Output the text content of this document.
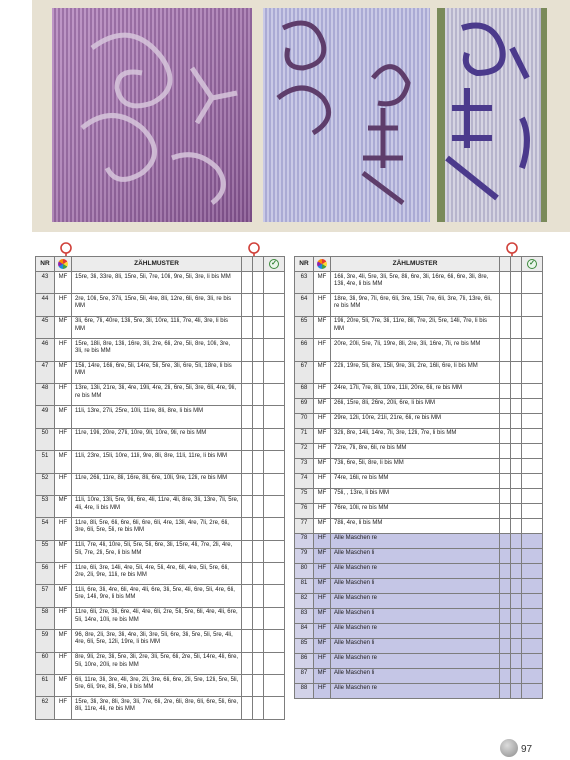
NR		ZÄHLMUSTER			✓
43	MF	15re, 3li, 33re, 8li, 15re, 5li, 7re, 10li, 9re, 5li, 3re, li bis MM			
44	HF	2re, 10li, 5re, 37li, 15re, 5li, 4re, 8li, 12re, 6li, 6re, 3li, re bis MM			
45	MF	3li, 6re, 7li, 40re, 13li, 5re, 3li, 10re, 11li, 7re, 4li, 3re, li bis MM			
46	HF	15re, 18li, 8re, 13li, 16re, 3li, 2re, 6li, 2re, 5li, 8re, 10li, 3re, 3li, re bis MM			
47	MF	15li, 14re, 16li, 6re, 5li, 14re, 5li, 5re, 3li, 6re, 5li, 18re, li bis MM			
48	HF	13re, 13li, 21re, 3li, 4re, 19li, 4re, 2li, 6re, 5li, 3re, 6li, 4re, 9li, re bis MM			
49	MF	11li, 13re, 27li, 25re, 10li, 11re, 8li, 8re, li bis MM			
50	HF	11re, 19li, 20re, 27li, 10re, 9li, 10re, 9li, re bis MM			
51	MF	11li, 23re, 15li, 10re, 11li, 9re, 8li, 8re, 11li, 11re, li bis MM			
52	HF	11re, 26li, 11re, 8li, 16re, 8li, 6re, 10li, 9re, 12li, re bis MM			
53	MF	11li, 10re, 13li, 5re, 9li, 6re, 4li, 11re, 4li, 8re, 3li, 13re, 7li, 5re, 4li, 4re, li bis MM			
54	HF	11re, 8li, 5re, 6li, 6re, 6li, 6re, 6li, 4re, 13li, 4re, 7li, 2re, 6li, 3re, 6li, 5re, 5li, re bis MM			
55	MF	11li, 7re, 4li, 10re, 5li, 5re, 5li, 6re, 3li, 15re, 4li, 7re, 2li, 4re, 5li, 7re, 2li, 5re, li bis MM			
56	HF	11re, 6li, 3re, 14li, 4re, 5li, 4re, 5li, 4re, 6li, 4re, 5li, 5re, 6li, 2re, 2li, 9re, 11li, re bis MM			
57	MF	11li, 6re, 3li, 4re, 6li, 4re, 4li, 6re, 3li, 5re, 4li, 6re, 5li, 4re, 6li, 5re, 14li, 9re, li bis MM			
58	HF	11re, 6li, 2re, 3li, 6re, 4li, 4re, 6li, 2re, 5li, 5re, 6li, 4re, 4li, 6re, 5li, 14re, 10li, re bis MM			
59	MF	96, 8re, 2li, 3re, 3li, 4re, 3li, 3re, 5li, 6re, 3li, 5re, 5li, 5re, 4li, 4re, 6li, 5re, 12li, 19re, li bis MM			
60	HF	8re, 9li, 2re, 3li, 5re, 3li, 2re, 3li, 5re, 6li, 2re, 5li, 14re, 4li, 6re, 5li, 10re, 20li, re bis MM			
61	MF	6li, 11re, 3li, 3re, 4li, 3re, 2li, 3re, 6li, 6re, 2li, 5re, 12li, 5re, 5li, 5re, 6li, 9re, 8li, 5re, li bis MM			
62	HF	15re, 3li, 3re, 8li, 3re, 3li, 7re, 6li, 2re, 6li, 8re, 6li, 6re, 5li, 6re, 8li, 11re, 4li, re bis MM			
NR		ZÄHLMUSTER			✓
63	MF	16li, 3re, 4li, 5re, 3li, 5re, 8li, 6re, 3li, 16re, 6li, 6re, 3li, 8re, 13li, 4re, li bis MM			
64	HF	18re, 3li, 9re, 7li, 6re, 6li, 3re, 15li, 7re, 6li, 3re, 7li, 13re, 6li, re bis MM			
65	MF	19li, 20re, 5li, 7re, 3li, 11re, 8li, 7re, 2li, 5re, 14li, 7re, li bis MM			
66	HF	20re, 20li, 5re, 7li, 19re, 8li, 2re, 3li, 16re, 7li, re bis MM			
67	MF	22li, 19re, 5li, 8re, 15li, 9re, 3li, 2re, 16li, 6re, li bis MM			
68	HF	24re, 17li, 7re, 8li, 10re, 11li, 20re, 6li, re bis MM			
69	MF	26li, 15re, 8li, 26re, 20li, 6re, li bis MM			
70	HF	29re, 12li, 10re, 21li, 21re, 6li, re bis MM			
71	MF	32li, 8re, 14li, 14re, 7li, 3re, 12li, 7re, li bis MM			
72	HF	72re, 7li, 8re, 6li, re bis MM			
73	MF	73li, 6re, 5li, 8re, li bis MM			
74	HF	74re, 16li, re bis MM			
75	MF	75li, , 13re, li bis MM			
76	HF	76re, 10li, re bis MM			
77	MF	78li, 4re, li bis MM			
78	HF	Alle Maschen re			
79	MF	Alle Maschen li			
80	HF	Alle Maschen re			
81	MF	Alle Maschen li			
82	HF	Alle Maschen re			
83	MF	Alle Maschen li			
84	HF	Alle Maschen re			
85	MF	Alle Maschen li			
86	HF	Alle Maschen re			
87	MF	Alle Maschen li			
88	HF	Alle Maschen re			
97
